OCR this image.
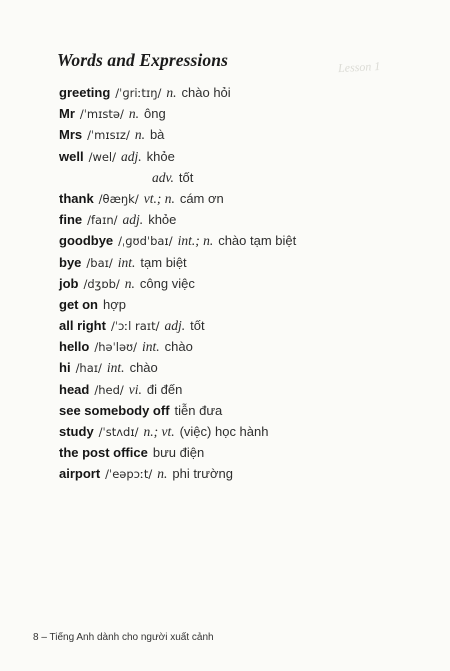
Lesson 1
Words and Expressions
greeting /ˈɡriːtɪŋ/ n. chào hỏi
Mr /ˈmɪstə/ n. ông
Mrs /ˈmɪsɪz/ n. bà
well /wel/ adj. khỏe
adv. tốt
thank /θæŋk/ vt.; n. cám ơn
fine /faɪn/ adj. khỏe
goodbye /ˌɡʊdˈbaɪ/ int.; n. chào tạm biệt
bye /baɪ/ int. tạm biệt
job /dʒɒb/ n. công việc
get on hợp
all right /ˈɔːl raɪt/ adj. tốt
hello /həˈləʊ/ int. chào
hi /haɪ/ int. chào
head /hed/ vi. đi đến
see somebody off tiễn đưa
study /ˈstʌdɪ/ n.; vt. (việc) học hành
the post office bưu điện
airport /ˈeəpɔːt/ n. phi trường
8 – Tiếng Anh dành cho người xuất cảnh
